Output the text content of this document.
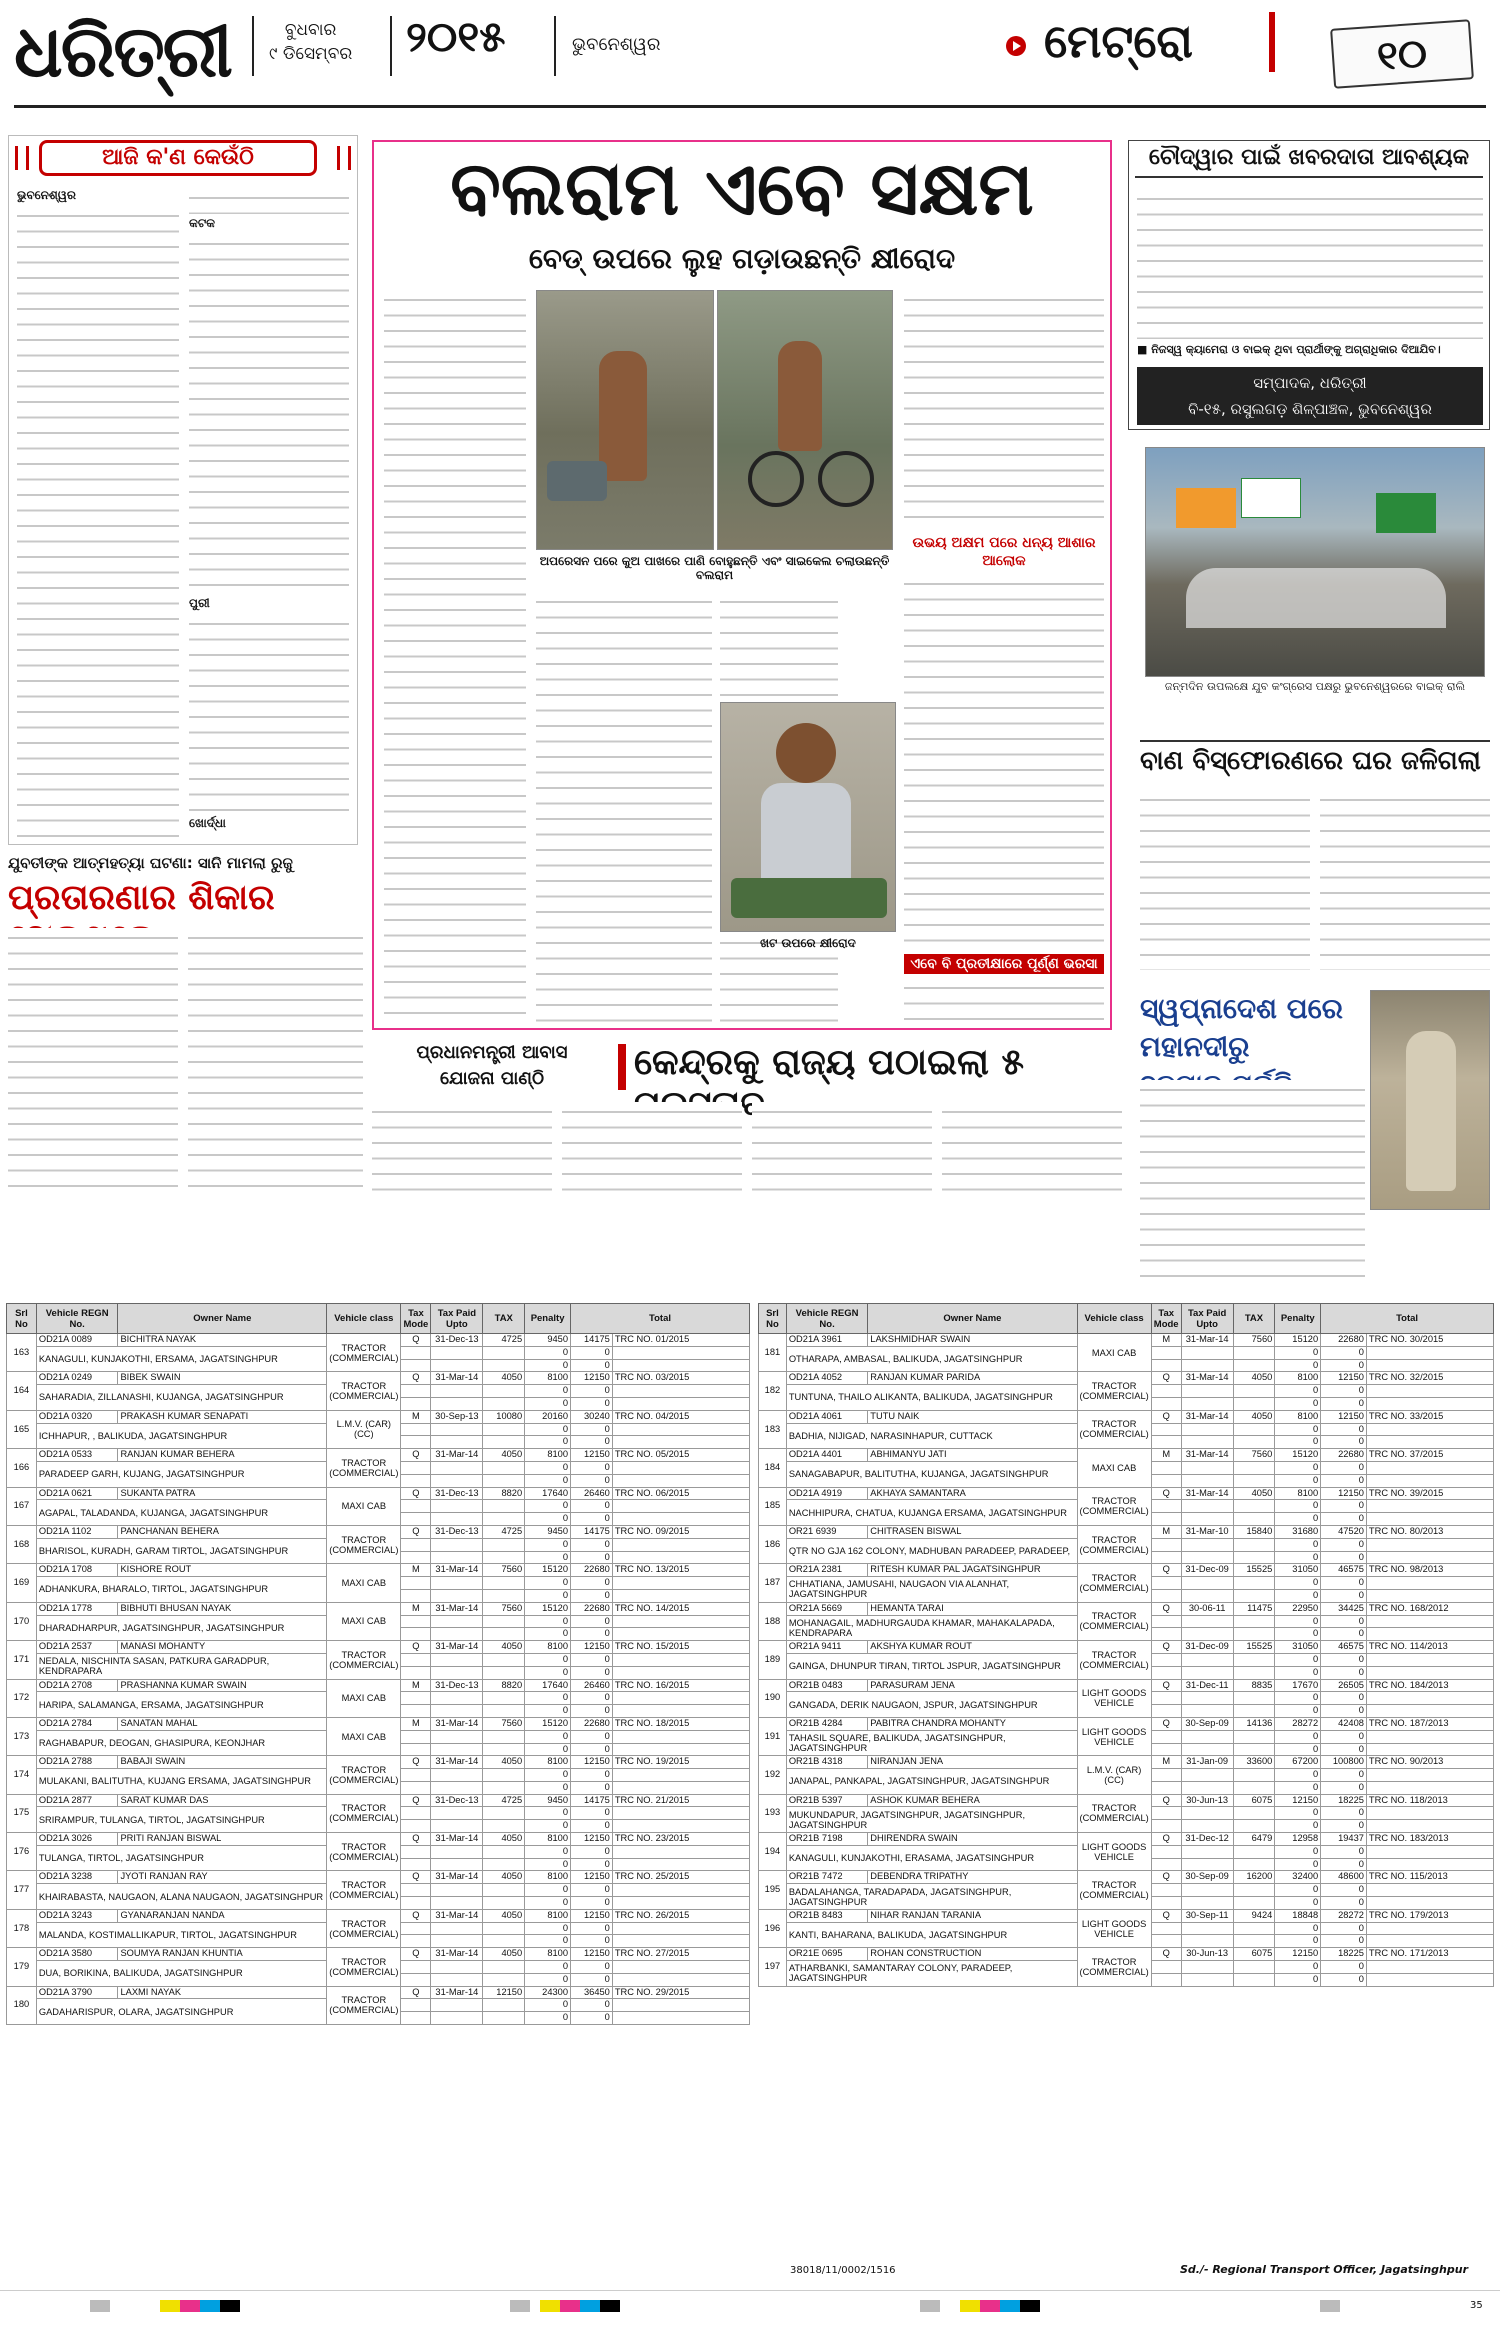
ଧରିତ୍ରୀ	ବୁଧବାର
୯ ଡିସେମ୍ବର ୨୦୧୫	ଭୁବନେଶ୍ୱର	ମେଟ୍ରୋ	୧୦
ଆଜି କ'ଣ କେଉଁଠି
ଭୁବନେଶ୍ୱର
କଟକ
ପୁରୀ
ଖୋର୍ଦ୍ଧା
ବଲରାମ ଏବେ ସକ୍ଷମ
ବେଡ୍ ଉପରେ ଲୁହ ଗଡ଼ାଉଛନ୍ତି କ୍ଷୀରୋଦ
ଅପରେସନ ପରେ କୁଅ ପାଖରେ ପାଣି ବୋହୁଛନ୍ତି ଏବଂ ସାଇକେଲ ଚଲାଉଛନ୍ତି ବଲରାମ
ଖଟ ଉପରେ କ୍ଷୀରୋଦ
ଉଭୟ ଅକ୍ଷମ ପରେ ଧନ୍ୟ ଆଶାର ଆଲୋକ
ଏବେ ବି ପ୍ରତୀକ୍ଷାରେ ପୂର୍ଣ୍ଣ ଭରସା
ଚୌଦ୍ୱାର ପାଇଁ ଖବରଦାତା ଆବଶ୍ୟକ
■ ନିଜସ୍ୱ କ୍ୟାମେରା ଓ ବାଇକ୍ ଥିବା ପ୍ରାର୍ଥୀଙ୍କୁ ଅଗ୍ରାଧିକାର ଦିଆଯିବ।
ସମ୍ପାଦକ, ଧରିତ୍ରୀ
ବି-୧୫, ରସୁଲଗଡ଼ ଶିଳ୍ପାଞ୍ଚଳ, ଭୁବନେଶ୍ୱର
ଜନ୍ମଦିନ ଉପଲକ୍ଷେ ଯୁବ କଂଗ୍ରେସ ପକ୍ଷରୁ ଭୁବନେଶ୍ୱରରେ ବାଇକ୍ ରାଲି
ବାଣ ବିସ୍ଫୋରଣରେ ଘର ଜଳିଗଲା
ସ୍ୱପ୍ନାଦେଶ ପରେ ମହାନଦୀରୁ
ଯୁବତୀଙ୍କ ଆତ୍ମହତ୍ୟା ଘଟଣା: ସାନି ମାମଲା ରୁଜୁ
ପ୍ରତାରଣାର ଶିକାର
ପ୍ରଧାନମନ୍ତ୍ରୀ ଆବାସ
ଯୋଜନା ପାଣ୍ଠି	କେନ୍ଦ୍ରକୁ ରାଜ୍ୟ ପଠାଇଲା ୫
Srl No	Vehicle REGN No.	Owner Name	Vehicle class	Tax Mode	Tax Paid Upto	TAX	Penalty	Total	
163	OD21A 0089	BICHITRA NAYAK	TRACTOR (COMMERCIAL)	Q	31-Dec-13	4725	9450	14175	TRC NO. 01/2015
	KANAGULI, KUNJAKOTHI, ERSAMA, JAGATSINGHPUR						0	0	
							0	0	
164	OD21A 0249	BIBEK SWAIN	TRACTOR (COMMERCIAL)	Q	31-Mar-14	4050	8100	12150	TRC NO. 03/2015
	SAHARADIA, ZILLANASHI, KUJANGA, JAGATSINGHPUR						0	0	
							0	0	
165	OD21A 0320	PRAKASH KUMAR SENAPATI	L.M.V. (CAR) (CC)	M	30-Sep-13	10080	20160	30240	TRC NO. 04/2015
	ICHHAPUR, , BALIKUDA, JAGATSINGHPUR						0	0	
							0	0	
166	OD21A 0533	RANJAN KUMAR BEHERA	TRACTOR (COMMERCIAL)	Q	31-Mar-14	4050	8100	12150	TRC NO. 05/2015
	PARADEEP GARH, KUJANG, JAGATSINGHPUR						0	0	
							0	0	
167	OD21A 0621	SUKANTA PATRA	MAXI CAB	Q	31-Dec-13	8820	17640	26460	TRC NO. 06/2015
	AGAPAL, TALADANDA, KUJANGA, JAGATSINGHPUR						0	0	
							0	0	
168	OD21A 1102	PANCHANAN BEHERA	TRACTOR (COMMERCIAL)	Q	31-Dec-13	4725	9450	14175	TRC NO. 09/2015
	BHARISOL, KURADH, GARAM TIRTOL, JAGATSINGHPUR						0	0	
							0	0	
169	OD21A 1708	KISHORE ROUT	MAXI CAB	M	31-Mar-14	7560	15120	22680	TRC NO. 13/2015
	ADHANKURA, BHARALO, TIRTOL, JAGATSINGHPUR						0	0	
							0	0	
170	OD21A 1778	BIBHUTI BHUSAN NAYAK	MAXI CAB	M	31-Mar-14	7560	15120	22680	TRC NO. 14/2015
	DHARADHARPUR, JAGATSINGHPUR, JAGATSINGHPUR						0	0	
							0	0	
171	OD21A 2537	MANASI MOHANTY	TRACTOR (COMMERCIAL)	Q	31-Mar-14	4050	8100	12150	TRC NO. 15/2015
	NEDALA, NISCHINTA SASAN, PATKURA GARADPUR, KENDRAPARA						0	0	
							0	0	
172	OD21A 2708	PRASHANNA KUMAR SWAIN	MAXI CAB	M	31-Dec-13	8820	17640	26460	TRC NO. 16/2015
	HARIPA, SALAMANGA, ERSAMA, JAGATSINGHPUR						0	0	
							0	0	
173	OD21A 2784	SANATAN MAHAL	MAXI CAB	M	31-Mar-14	7560	15120	22680	TRC NO. 18/2015
	RAGHABAPUR, DEOGAN, GHASIPURA, KEONJHAR						0	0	
							0	0	
174	OD21A 2788	BABAJI SWAIN	TRACTOR (COMMERCIAL)	Q	31-Mar-14	4050	8100	12150	TRC NO. 19/2015
	MULAKANI, BALITUTHA, KUJANG ERSAMA, JAGATSINGHPUR						0	0	
							0	0	
175	OD21A 2877	SARAT KUMAR DAS	TRACTOR (COMMERCIAL)	Q	31-Dec-13	4725	9450	14175	TRC NO. 21/2015
	SRIRAMPUR, TULANGA, TIRTOL, JAGATSINGHPUR						0	0	
							0	0	
176	OD21A 3026	PRITI RANJAN BISWAL	TRACTOR (COMMERCIAL)	Q	31-Mar-14	4050	8100	12150	TRC NO. 23/2015
	TULANGA, TIRTOL, JAGATSINGHPUR						0	0	
							0	0	
177	OD21A 3238	JYOTI RANJAN RAY	TRACTOR (COMMERCIAL)	Q	31-Mar-14	4050	8100	12150	TRC NO. 25/2015
	KHAIRABASTA, NAUGAON, ALANA NAUGAON, JAGATSINGHPUR						0	0	
							0	0	
178	OD21A 3243	GYANARANJAN NANDA	TRACTOR (COMMERCIAL)	Q	31-Mar-14	4050	8100	12150	TRC NO. 26/2015
	MALANDA, KOSTIMALLIKAPUR, TIRTOL, JAGATSINGHPUR						0	0	
							0	0	
179	OD21A 3580	SOUMYA RANJAN KHUNTIA	TRACTOR (COMMERCIAL)	Q	31-Mar-14	4050	8100	12150	TRC NO. 27/2015
	DUA, BORIKINA, BALIKUDA, JAGATSINGHPUR						0	0	
							0	0	
180	OD21A 3790	LAXMI NAYAK	TRACTOR (COMMERCIAL)	Q	31-Mar-14	12150	24300	36450	TRC NO. 29/2015
	GADAHARISPUR, OLARA, JAGATSINGHPUR						0	0	
							0	0	
Srl No	Vehicle REGN No.	Owner Name	Vehicle class	Tax Mode	Tax Paid Upto	TAX	Penalty	Total	
181	OD21A 3961	LAKSHMIDHAR SWAIN	MAXI CAB	M	31-Mar-14	7560	15120	22680	TRC NO. 30/2015
	OTHARAPA, AMBASAL, BALIKUDA, JAGATSINGHPUR						0	0	
							0	0	
182	OD21A 4052	RANJAN KUMAR PARIDA	TRACTOR (COMMERCIAL)	Q	31-Mar-14	4050	8100	12150	TRC NO. 32/2015
	TUNTUNA, THAILO ALIKANTA, BALIKUDA, JAGATSINGHPUR						0	0	
							0	0	
183	OD21A 4061	TUTU NAIK	TRACTOR (COMMERCIAL)	Q	31-Mar-14	4050	8100	12150	TRC NO. 33/2015
	BADHIA, NIJIGAD, NARASINHAPUR, CUTTACK						0	0	
							0	0	
184	OD21A 4401	ABHIMANYU JATI	MAXI CAB	M	31-Mar-14	7560	15120	22680	TRC NO. 37/2015
	SANAGABAPUR, BALITUTHA, KUJANGA, JAGATSINGHPUR						0	0	
							0	0	
185	OD21A 4919	AKHAYA SAMANTARA	TRACTOR (COMMERCIAL)	Q	31-Mar-14	4050	8100	12150	TRC NO. 39/2015
	NACHHIPURA, CHATUA, KUJANGA ERSAMA, JAGATSINGHPUR						0	0	
							0	0	
186	OR21 6939	CHITRASEN BISWAL	TRACTOR (COMMERCIAL)	M	31-Mar-10	15840	31680	47520	TRC NO. 80/2013
	QTR NO GJA 162 COLONY, MADHUBAN PARADEEP, PARADEEP,						0	0	
							0	0	
187	OR21A 2381	RITESH KUMAR PAL JAGATSINGHPUR	TRACTOR (COMMERCIAL)	Q	31-Dec-09	15525	31050	46575	TRC NO. 98/2013
	CHHATIANA, JAMUSAHI, NAUGAON VIA ALANHAT, JAGATSINGHPUR						0	0	
							0	0	
188	OR21A 5669	HEMANTA TARAI	TRACTOR (COMMERCIAL)	Q	30-06-11	11475	22950	34425	TRC NO. 168/2012
	MOHANAGAIL, MADHURGAUDA KHAMAR, MAHAKALAPADA, KENDRAPARA						0	0	
							0	0	
189	OR21A 9411	AKSHYA KUMAR ROUT	TRACTOR (COMMERCIAL)	Q	31-Dec-09	15525	31050	46575	TRC NO. 114/2013
	GAINGA, DHUNPUR TIRAN, TIRTOL JSPUR, JAGATSINGHPUR						0	0	
							0	0	
190	OR21B 0483	PARASURAM JENA	LIGHT GOODS VEHICLE	Q	31-Dec-11	8835	17670	26505	TRC NO. 184/2013
	GANGADA, DERIK NAUGAON, JSPUR, JAGATSINGHPUR						0	0	
							0	0	
191	OR21B 4284	PABITRA CHANDRA MOHANTY	LIGHT GOODS VEHICLE	Q	30-Sep-09	14136	28272	42408	TRC NO. 187/2013
	TAHASIL SQUARE, BALIKUDA, JAGATSINGHPUR, JAGATSINGHPUR						0	0	
							0	0	
192	OR21B 4318	NIRANJAN JENA	L.M.V. (CAR) (CC)	M	31-Jan-09	33600	67200	100800	TRC NO. 90/2013
	JANAPAL, PANKAPAL, JAGATSINGHPUR, JAGATSINGHPUR						0	0	
							0	0	
193	OR21B 5397	ASHOK KUMAR BEHERA	TRACTOR (COMMERCIAL)	Q	30-Jun-13	6075	12150	18225	TRC NO. 118/2013
	MUKUNDAPUR, JAGATSINGHPUR, JAGATSINGHPUR, JAGATSINGHPUR						0	0	
							0	0	
194	OR21B 7198	DHIRENDRA SWAIN	LIGHT GOODS VEHICLE	Q	31-Dec-12	6479	12958	19437	TRC NO. 183/2013
	KANAGULI, KUNJAKOTHI, ERASAMA, JAGATSINGHPUR						0	0	
							0	0	
195	OR21B 7472	DEBENDRA TRIPATHY	TRACTOR (COMMERCIAL)	Q	30-Sep-09	16200	32400	48600	TRC NO. 115/2013
	BADALAHANGA, TARADAPADA, JAGATSINGHPUR, JAGATSINGHPUR						0	0	
							0	0	
196	OR21B 8483	NIHAR RANJAN TARANIA	LIGHT GOODS VEHICLE	Q	30-Sep-11	9424	18848	28272	TRC NO. 179/2013
	KANTI, BAHARANA, BALIKUDA, JAGATSINGHPUR						0	0	
							0	0	
197	OR21E 0695	ROHAN CONSTRUCTION	TRACTOR (COMMERCIAL)	Q	30-Jun-13	6075	12150	18225	TRC NO. 171/2013
	ATHARBANKI, SAMANTARAY COLONY, PARADEEP, JAGATSINGHPUR						0	0	
							0	0	
38018/11/0002/1516	Sd./- Regional Transport Officer, Jagatsinghpur
35
